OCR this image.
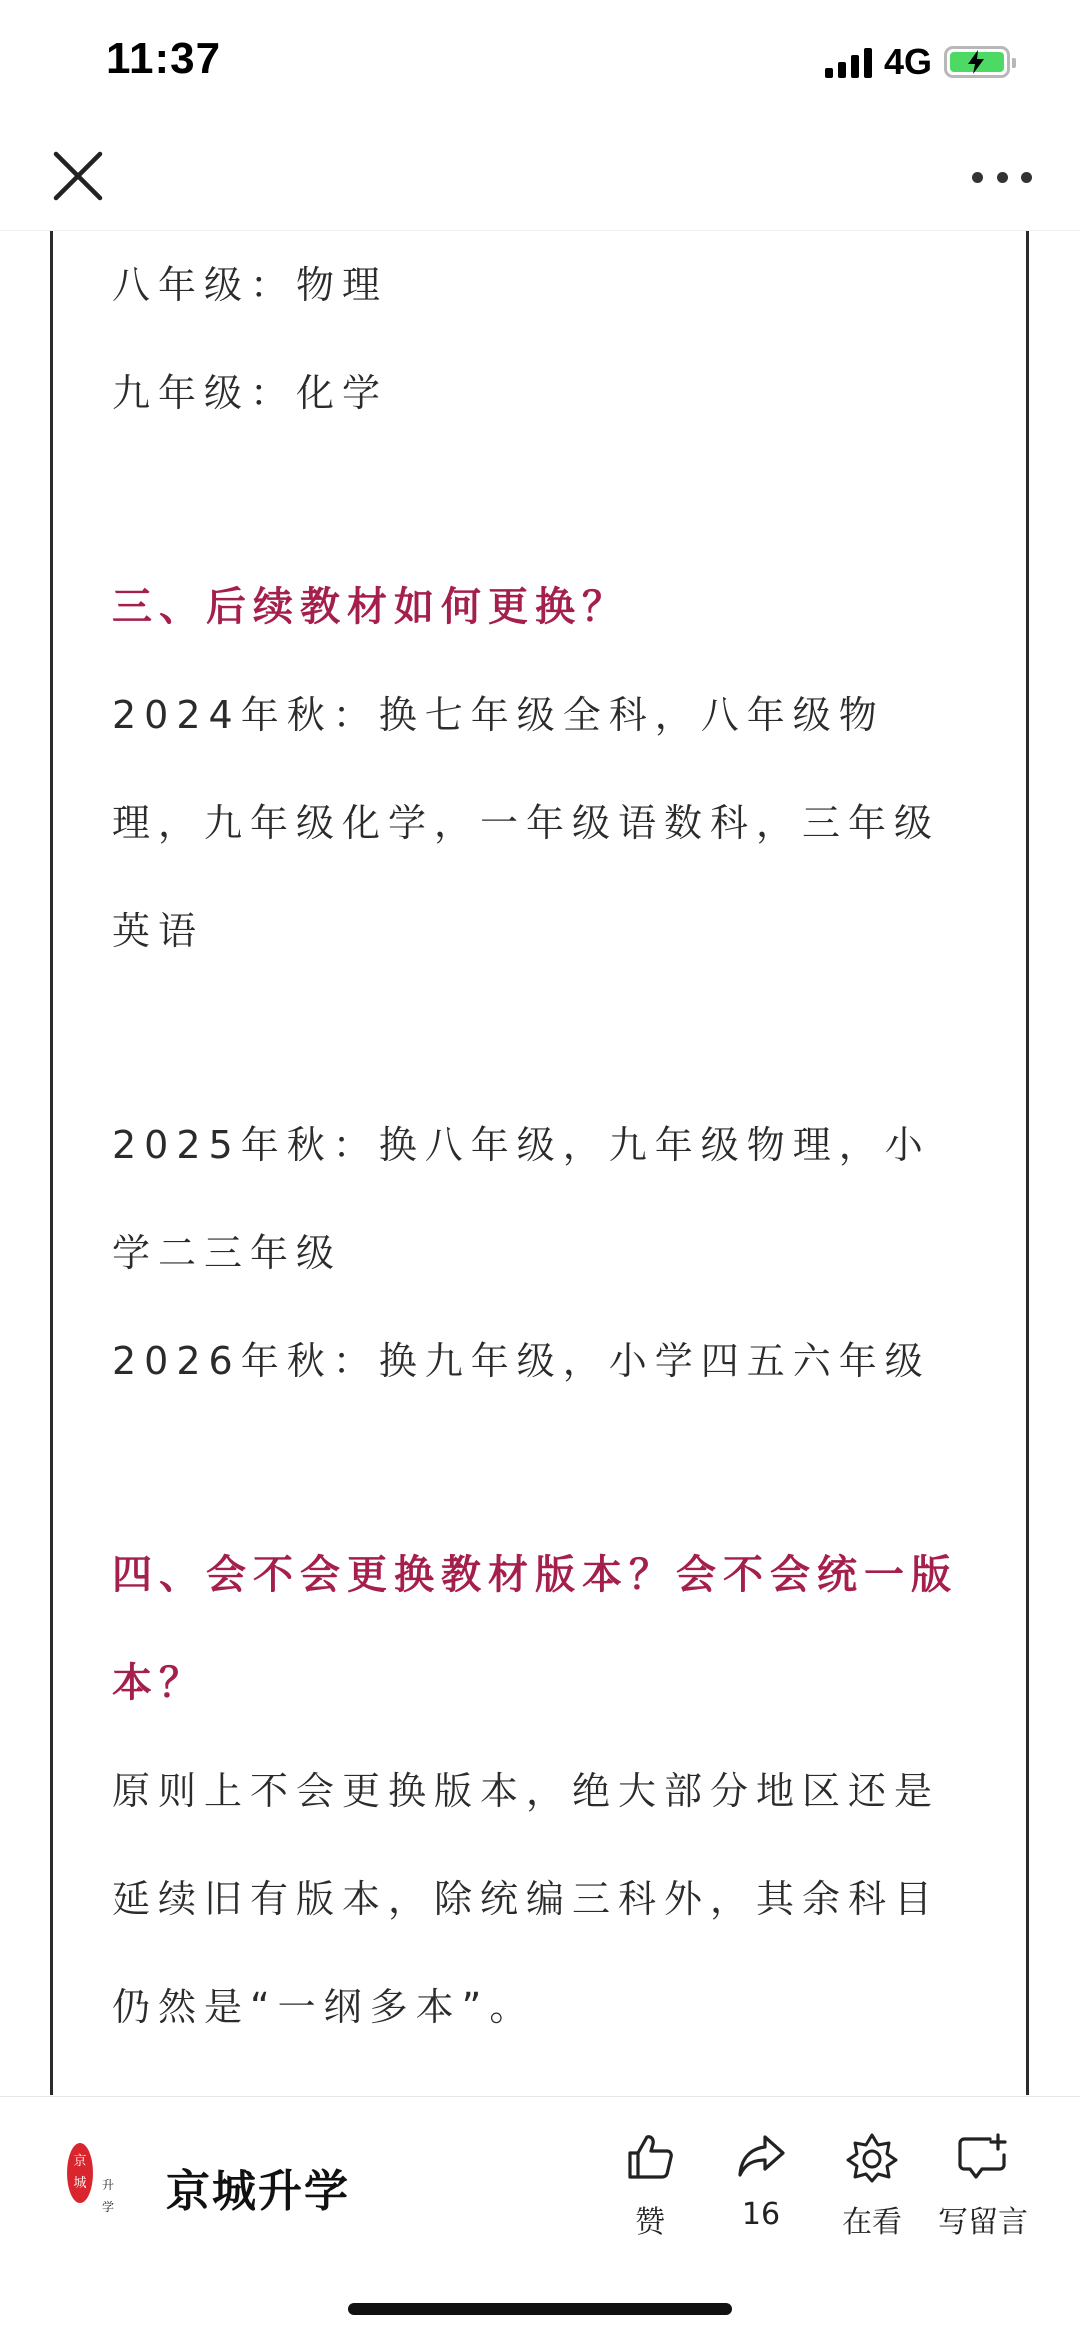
11:37	4G

八年级：物理

九年级：化学

三、后续教材如何更换？

2024年秋：换七年级全科，八年级物理，九年级化学，一年级语数科，三年级英语

2025年秋：换八年级，九年级物理，小学二三年级

2026年秋：换九年级，小学四五六年级

四、会不会更换教材版本？会不会统一版本？

原则上不会更换版本，绝大部分地区还是延续旧有版本，除统编三科外，其余科目仍然是“一纲多本”。

京
城 升
学 京城升学
赞	16 在看 写留言
